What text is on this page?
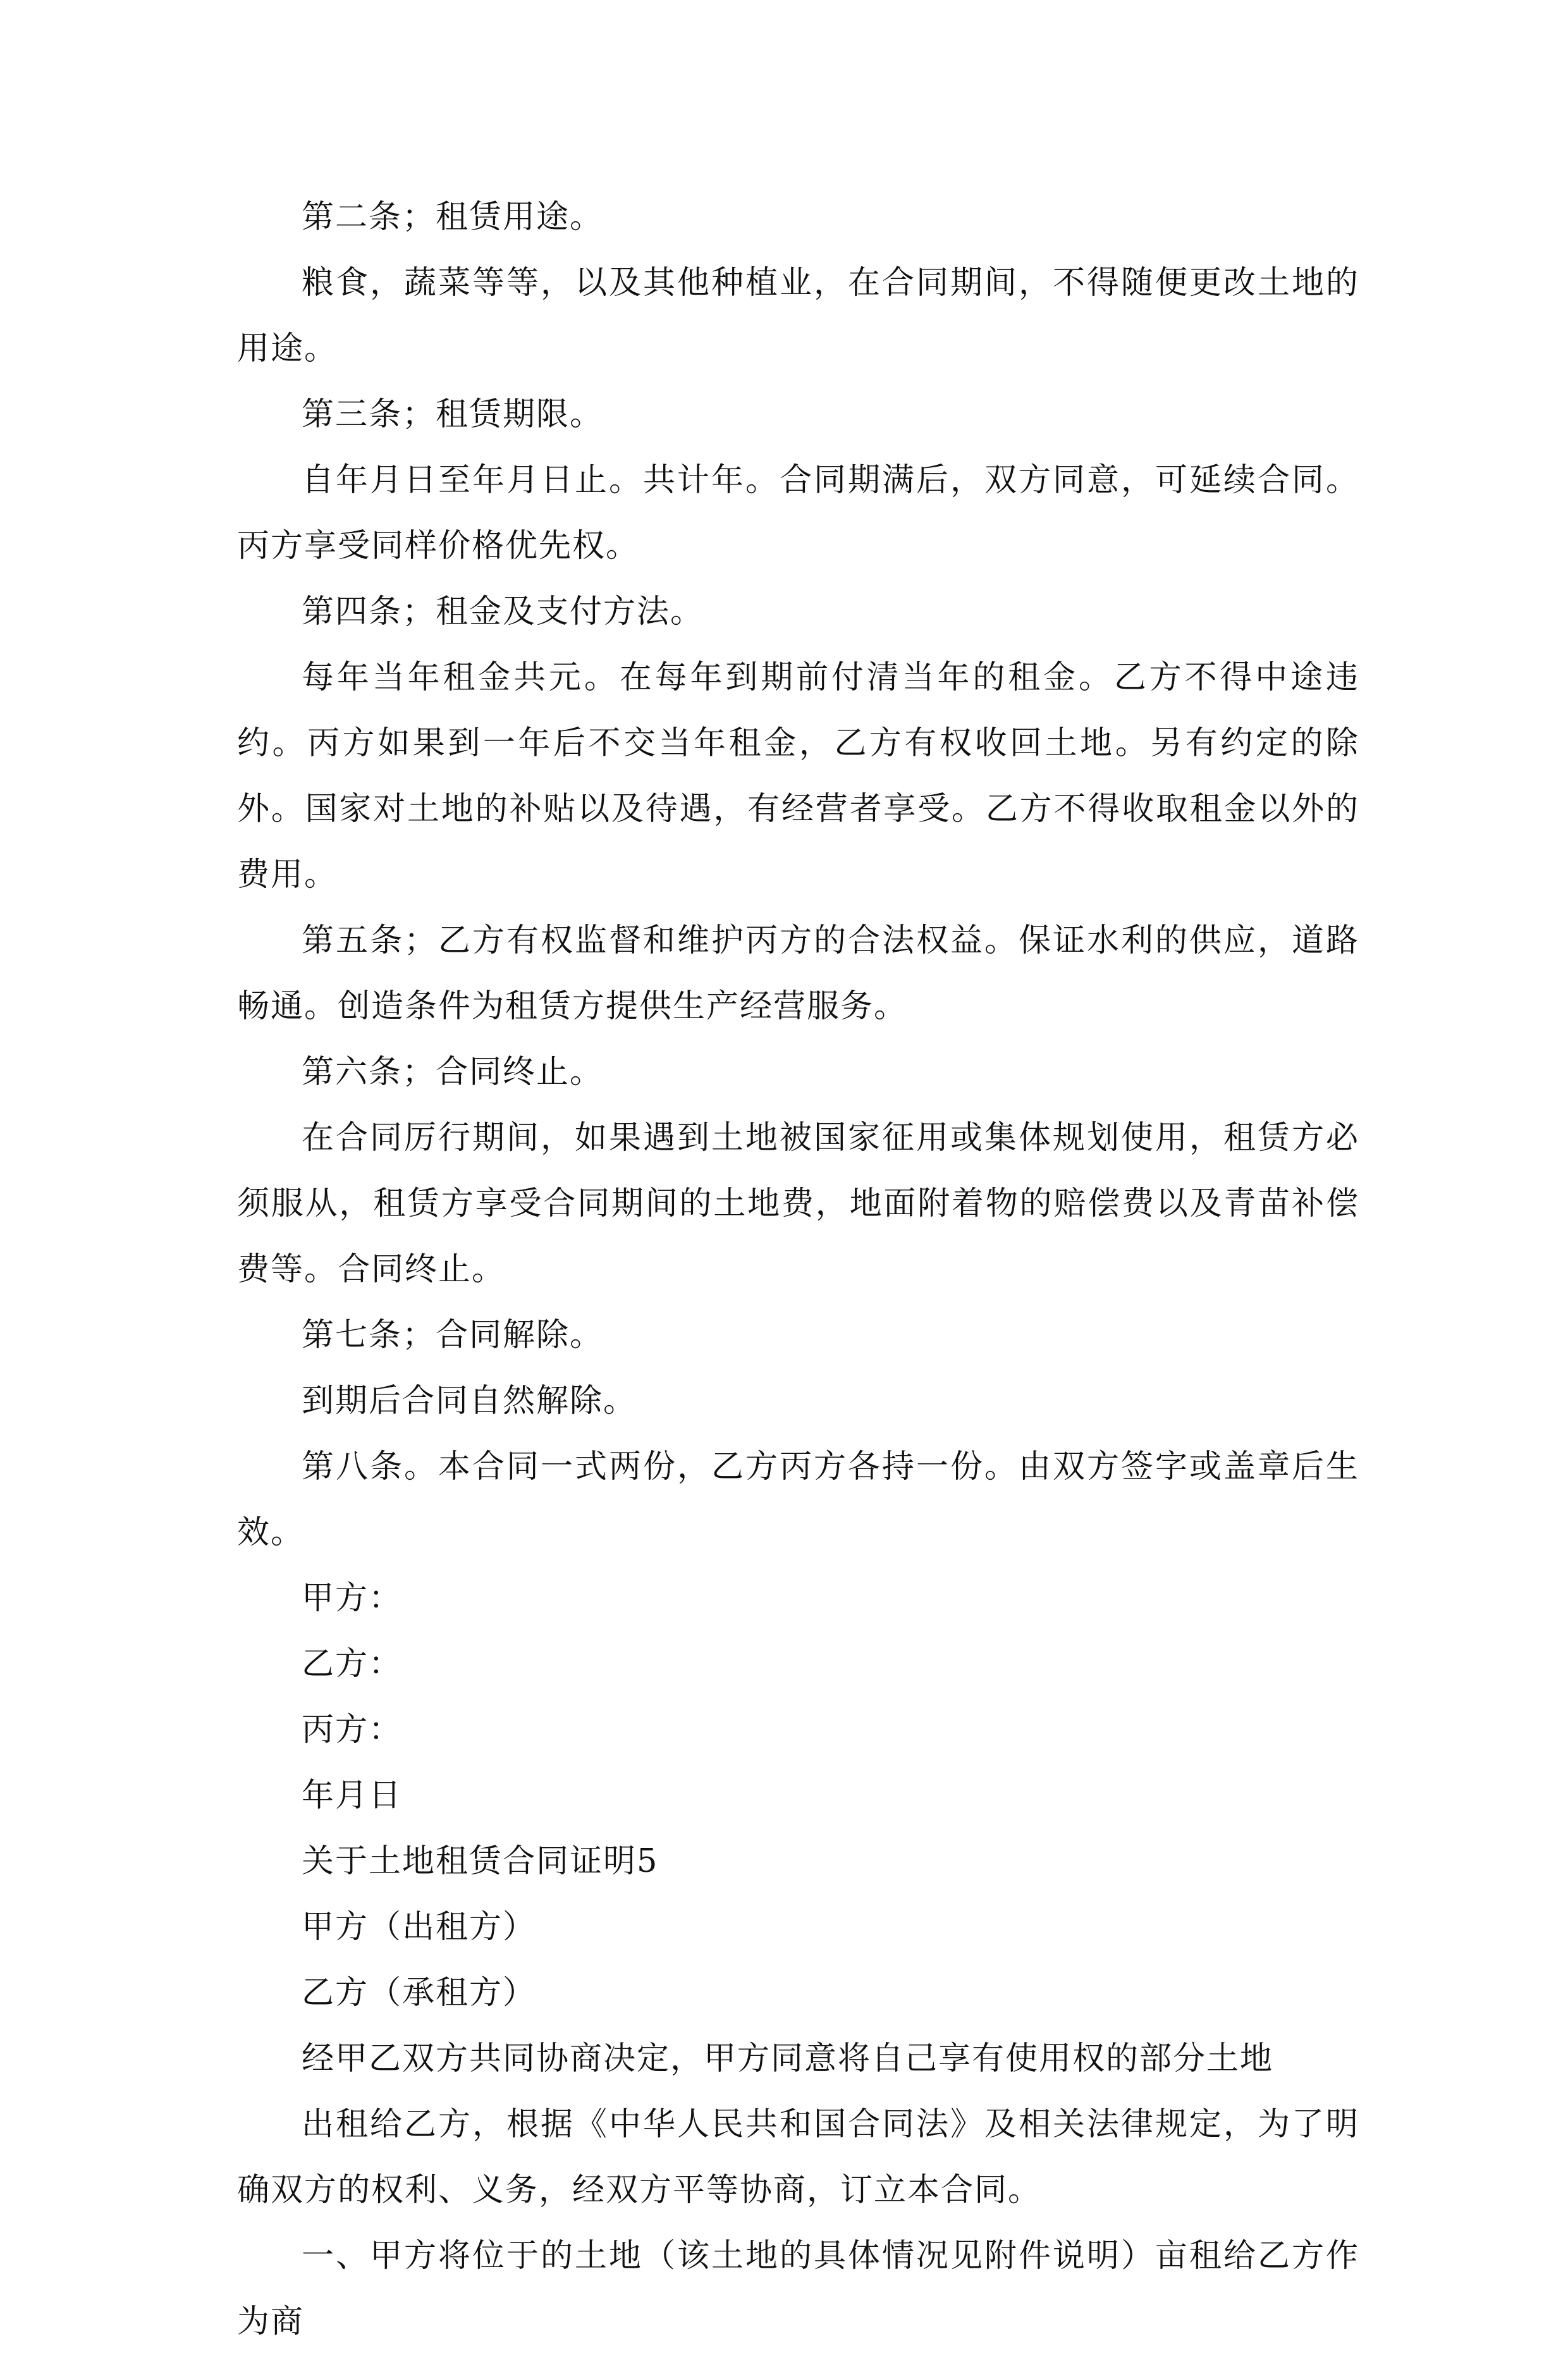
第二条；租赁用途。

粮食，蔬菜等等，以及其他种植业，在合同期间，不得随便更改土地的用途。

第三条；租赁期限。

自年月日至年月日止。共计年。合同期满后，双方同意，可延续合同。丙方享受同样价格优先权。

第四条；租金及支付方法。

每年当年租金共元。在每年到期前付清当年的租金。乙方不得中途违约。丙方如果到一年后不交当年租金，乙方有权收回土地。另有约定的除外。国家对土地的补贴以及待遇，有经营者享受。乙方不得收取租金以外的费用。

第五条；乙方有权监督和维护丙方的合法权益。保证水利的供应，道路畅通。创造条件为租赁方提供生产经营服务。

第六条；合同终止。

在合同厉行期间，如果遇到土地被国家征用或集体规划使用，租赁方必须服从，租赁方享受合同期间的土地费，地面附着物的赔偿费以及青苗补偿费等。合同终止。

第七条；合同解除。

到期后合同自然解除。

第八条。本合同一式两份，乙方丙方各持一份。由双方签字或盖章后生效。

甲方：

乙方：

丙方：

年月日

关于土地租赁合同证明5

甲方（出租方）

乙方（承租方）

经甲乙双方共同协商决定，甲方同意将自己享有使用权的部分土地

出租给乙方，根据《中华人民共和国合同法》及相关法律规定，为了明确双方的权利、义务，经双方平等协商，订立本合同。

一、甲方将位于的土地（该土地的具体情况见附件说明）亩租给乙方作为商
